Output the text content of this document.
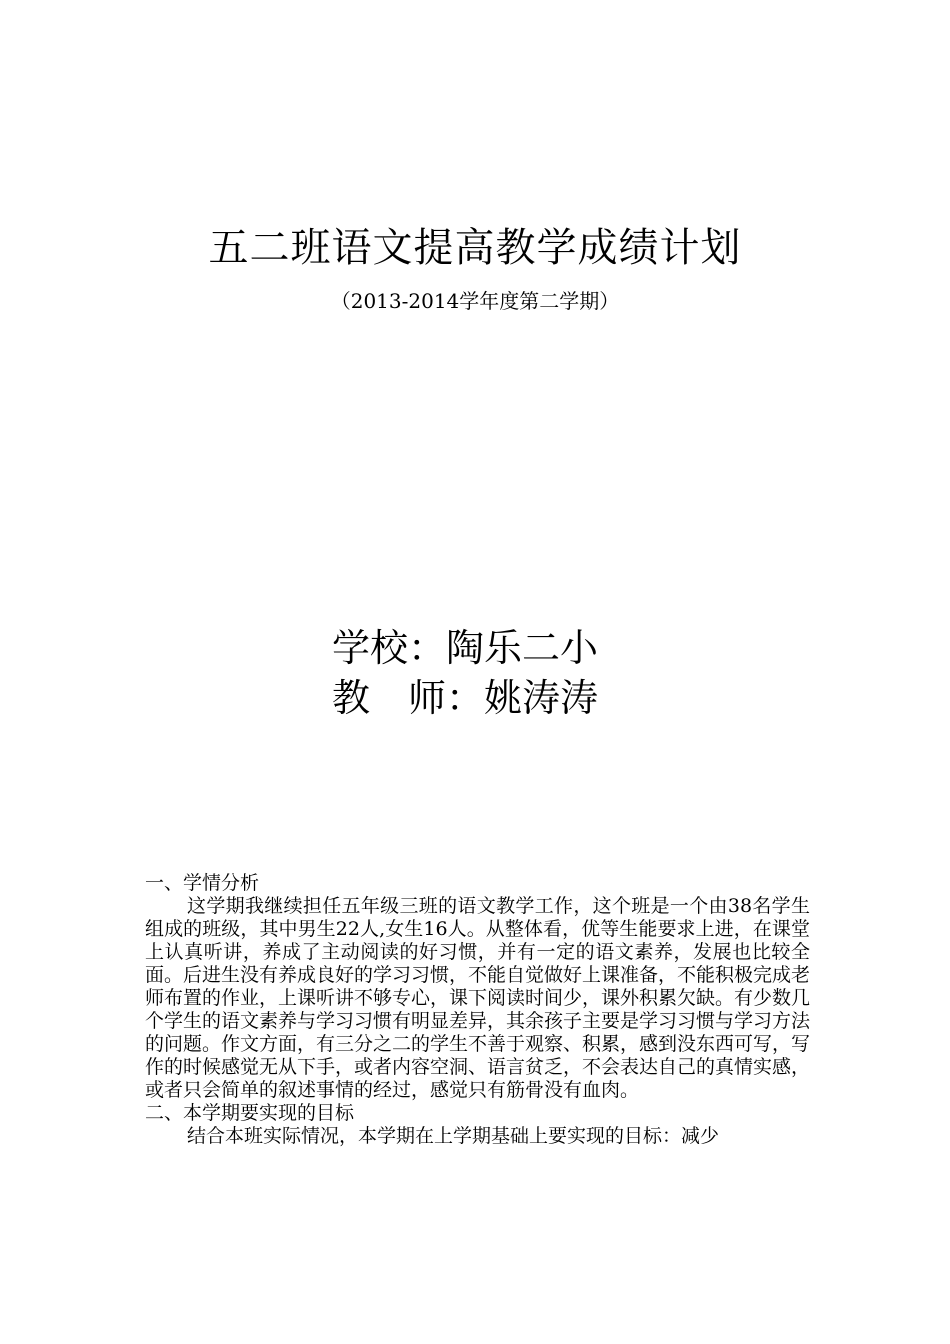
五二班语文提高教学成绩计划
（2013-2014学年度第二学期）
学校：陶乐二小
教　师：姚涛涛
一、学情分析

这学期我继续担任五年级三班的语文教学工作，这个班是一个由38名学生组成的班级，其中男生22人,女生16人。从整体看，优等生能要求上进，在课堂上认真听讲，养成了主动阅读的好习惯，并有一定的语文素养，发展也比较全面。后进生没有养成良好的学习习惯，不能自觉做好上课准备，不能积极完成老师布置的作业，上课听讲不够专心，课下阅读时间少，课外积累欠缺。有少数几个学生的语文素养与学习习惯有明显差异，其余孩子主要是学习习惯与学习方法的问题。作文方面，有三分之二的学生不善于观察、积累，感到没东西可写，写作的时候感觉无从下手，或者内容空洞、语言贫乏，不会表达自己的真情实感，或者只会简单的叙述事情的经过，感觉只有筋骨没有血肉。

二、本学期要实现的目标

结合本班实际情况，本学期在上学期基础上要实现的目标：减少
